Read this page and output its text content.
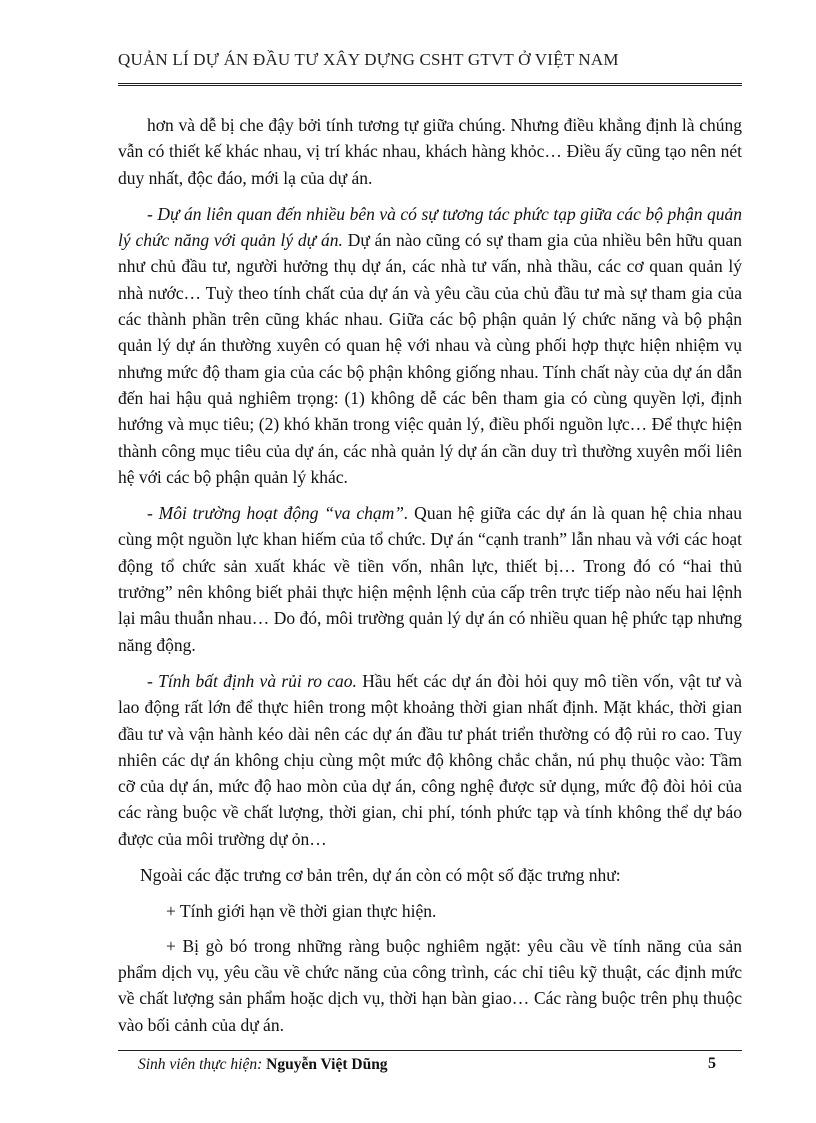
QUẢN LÍ DỰ ÁN ĐẦU TƯ XÂY DỰNG CSHT GTVT Ở VIỆT NAM

hơn và dễ bị che đậy bởi tính tương tự giữa chúng. Nhưng điều khẳng định là chúng vẫn có thiết kế khác nhau, vị trí khác nhau, khách hàng khỏc… Điều ấy cũng tạo nên nét duy nhất, độc đáo, mới lạ của dự án.

- Dự án liên quan đến nhiều bên và có sự tương tác phức tạp giữa các bộ phận quản lý chức năng với quản lý dự án. Dự án nào cũng có sự tham gia của nhiều bên hữu quan như chủ đầu tư, người hưởng thụ dự án, các nhà tư vấn, nhà thầu, các cơ quan quản lý nhà nước… Tuỳ theo tính chất của dự án và yêu cầu của chủ đầu tư mà sự tham gia của các thành phần trên cũng khác nhau. Giữa các bộ phận quản lý chức năng và bộ phận quản lý dự án thường xuyên có quan hệ với nhau và cùng phối hợp thực hiện nhiệm vụ nhưng mức độ tham gia của các bộ phận không giống nhau. Tính chất này của dự án dẫn đến hai hậu quả nghiêm trọng: (1) không dễ các bên tham gia có cùng quyền lợi, định hướng và mục tiêu; (2) khó khăn trong việc quản lý, điều phối nguồn lực… Để thực hiện thành công mục tiêu của dự án, các nhà quản lý dự án cần duy trì thường xuyên mối liên hệ với các bộ phận quản lý khác.

- Môi trường hoạt động “va chạm”. Quan hệ giữa các dự án là quan hệ chia nhau cùng một nguồn lực khan hiếm của tổ chức. Dự án “cạnh tranh” lẫn nhau và với các hoạt động tổ chức sản xuất khác về tiền vốn, nhân lực, thiết bị… Trong đó có “hai thủ trưởng” nên không biết phải thực hiện mệnh lệnh của cấp trên trực tiếp nào nếu hai lệnh lại mâu thuẫn nhau… Do đó, môi trường quản lý dự án có nhiều quan hệ phức tạp nhưng năng động.

- Tính bất định và rủi ro cao. Hầu hết các dự án đòi hỏi quy mô tiền vốn, vật tư và lao động rất lớn để thực hiên trong một khoảng thời gian nhất định. Mặt khác, thời gian đầu tư và vận hành kéo dài nên các dự án đầu tư phát triển thường có độ rủi ro cao. Tuy nhiên các dự án không chịu cùng một mức độ không chắc chắn, nú phụ thuộc vào: Tầm cỡ của dự án, mức độ hao mòn của dự án, công nghệ được sử dụng, mức độ đòi hỏi của các ràng buộc về chất lượng, thời gian, chi phí, tónh phức tạp và tính không thể dự báo được của môi trường dự ỏn…

Ngoài các đặc trưng cơ bản trên, dự án còn có một số đặc trưng như:

+ Tính giới hạn về thời gian thực hiện.

+ Bị gò bó trong những ràng buộc nghiêm ngặt: yêu cầu về tính năng của sản phẩm dịch vụ, yêu cầu về chức năng của công trình, các chỉ tiêu kỹ thuật, các định mức về chất lượng sản phẩm hoặc dịch vụ, thời hạn bàn giao… Các ràng buộc trên phụ thuộc vào bối cảnh của dự án.

Sinh viên thực hiện: Nguyễn Việt Dũng	5
